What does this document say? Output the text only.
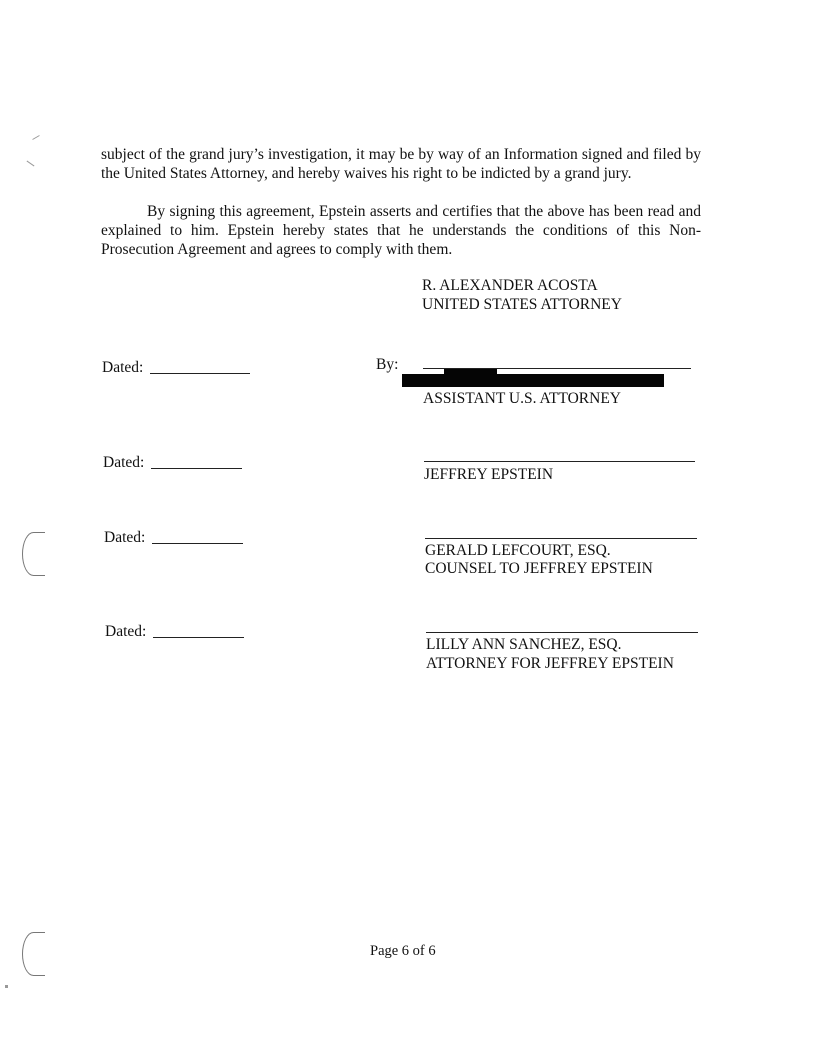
subject of the grand jury’s investigation, it may be by way of an Information signed and filed by the United States Attorney, and hereby waives his right to be indicted by a grand jury.

By signing this agreement, Epstein asserts and certifies that the above has been read and explained to him. Epstein hereby states that he understands the conditions of this Non-Prosecution Agreement and agrees to comply with them.

R. ALEXANDER ACOSTA
UNITED STATES ATTORNEY
Dated:	By:
ASSISTANT U.S. ATTORNEY
Dated:
JEFFREY EPSTEIN
Dated:
GERALD LEFCOURT, ESQ.
COUNSEL TO JEFFREY EPSTEIN
Dated:
LILLY ANN SANCHEZ, ESQ.
ATTORNEY FOR JEFFREY EPSTEIN
Page 6 of 6
